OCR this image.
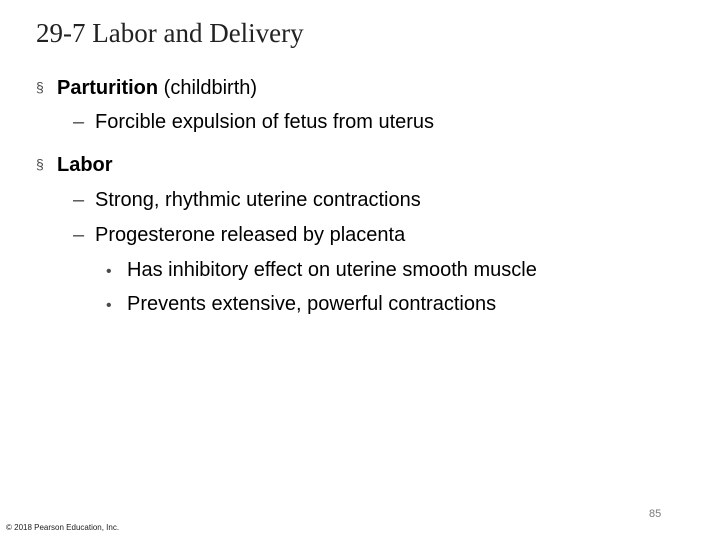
29-7 Labor and Delivery
§ Parturition (childbirth)
– Forcible expulsion of fetus from uterus
§ Labor
– Strong, rhythmic uterine contractions
– Progesterone released by placenta
• Has inhibitory effect on uterine smooth muscle
• Prevents extensive, powerful contractions
85
© 2018 Pearson Education, Inc.
